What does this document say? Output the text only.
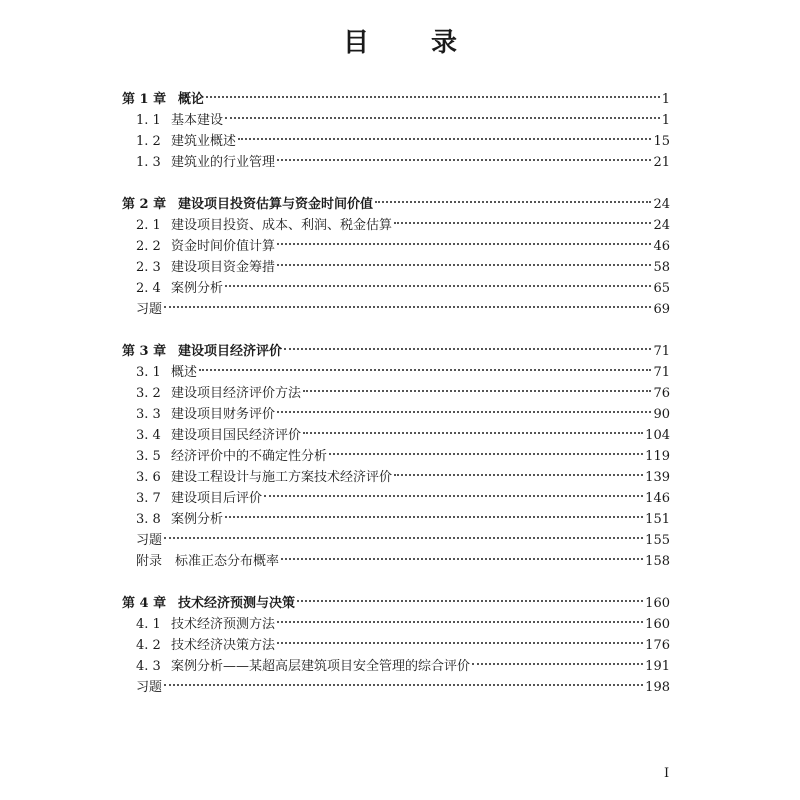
目 录
第 1 章 概论	1
1. 1 基本建设	1
1. 2 建筑业概述	15
1. 3 建筑业的行业管理	21
第 2 章 建设项目投资估算与资金时间价值	24
2. 1 建设项目投资、成本、利润、税金估算	24
2. 2 资金时间价值计算	46
2. 3 建设项目资金筹措	58
2. 4 案例分析	65
习题	69
第 3 章 建设项目经济评价	71
3. 1 概述	71
3. 2 建设项目经济评价方法	76
3. 3 建设项目财务评价	90
3. 4 建设项目国民经济评价	104
3. 5 经济评价中的不确定性分析	119
3. 6 建设工程设计与施工方案技术经济评价	139
3. 7 建设项目后评价	146
3. 8 案例分析	151
习题	155
附录　标准正态分布概率	158
第 4 章 技术经济预测与决策	160
4. 1 技术经济预测方法	160
4. 2 技术经济决策方法	176
4. 3 案例分析——某超高层建筑项目安全管理的综合评价	191
习题	198
I
